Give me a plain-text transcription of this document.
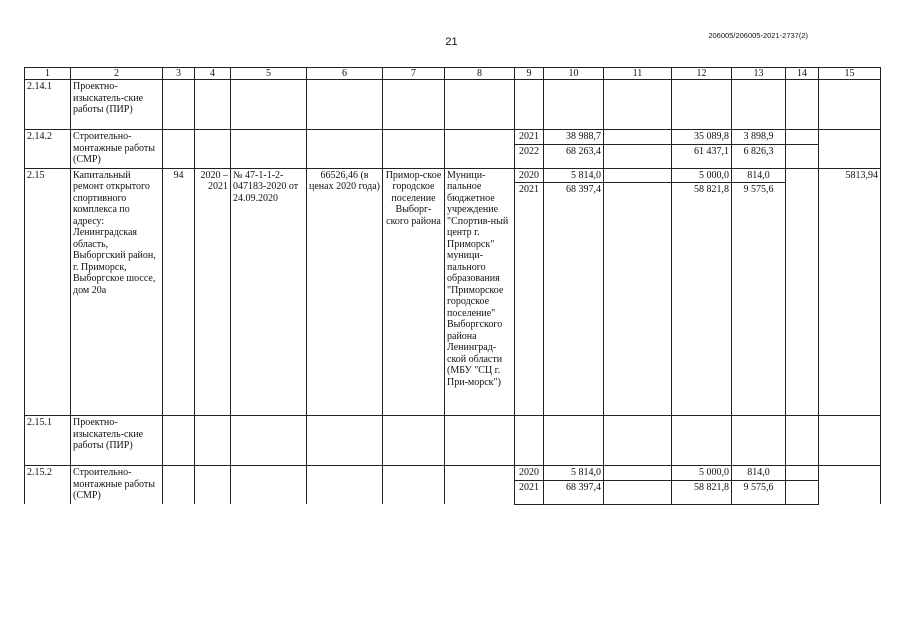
21
206005/206005-2021-2737(2)
1	2	3	4	5	6	7	8	9	10	11	12	13	14	15
2.14.1	Проектно-изыскатель-ские работы (ПИР)													
2.14.2	Строительно-монтажные работы (СМР)							2021	38 988,7		35 089,8	3 898,9		
								2022	68 263,4		61 437,1	6 826,3		
2.15	Капитальный ремонт открытого спортивного комплекса по адресу: Ленинградская область, Выборгский район, г. Приморск, Выборгское шоссе, дом 20а	94	2020 – 2021	№ 47-1-1-2-047183-2020 от 24.09.2020	66526,46 (в ценах 2020 года)	Примор-ское городское поселение Выборг-ского района	Муници-пальное бюджетное учреждение "Спортив-ный центр г. Приморск" муници-пального образования "Приморское городское поселение" Выборгского района Ленинград-ской области (МБУ "СЦ г. При-морск")	2020	5 814,0		5 000,0	814,0		5813,94
								2021	68 397,4		58 821,8	9 575,6		
2.15.1	Проектно-изыскатель-ские работы (ПИР)													
2.15.2	Строительно-монтажные работы (СМР)							2020	5 814,0		5 000,0	814,0		
								2021	68 397,4		58 821,8	9 575,6		
